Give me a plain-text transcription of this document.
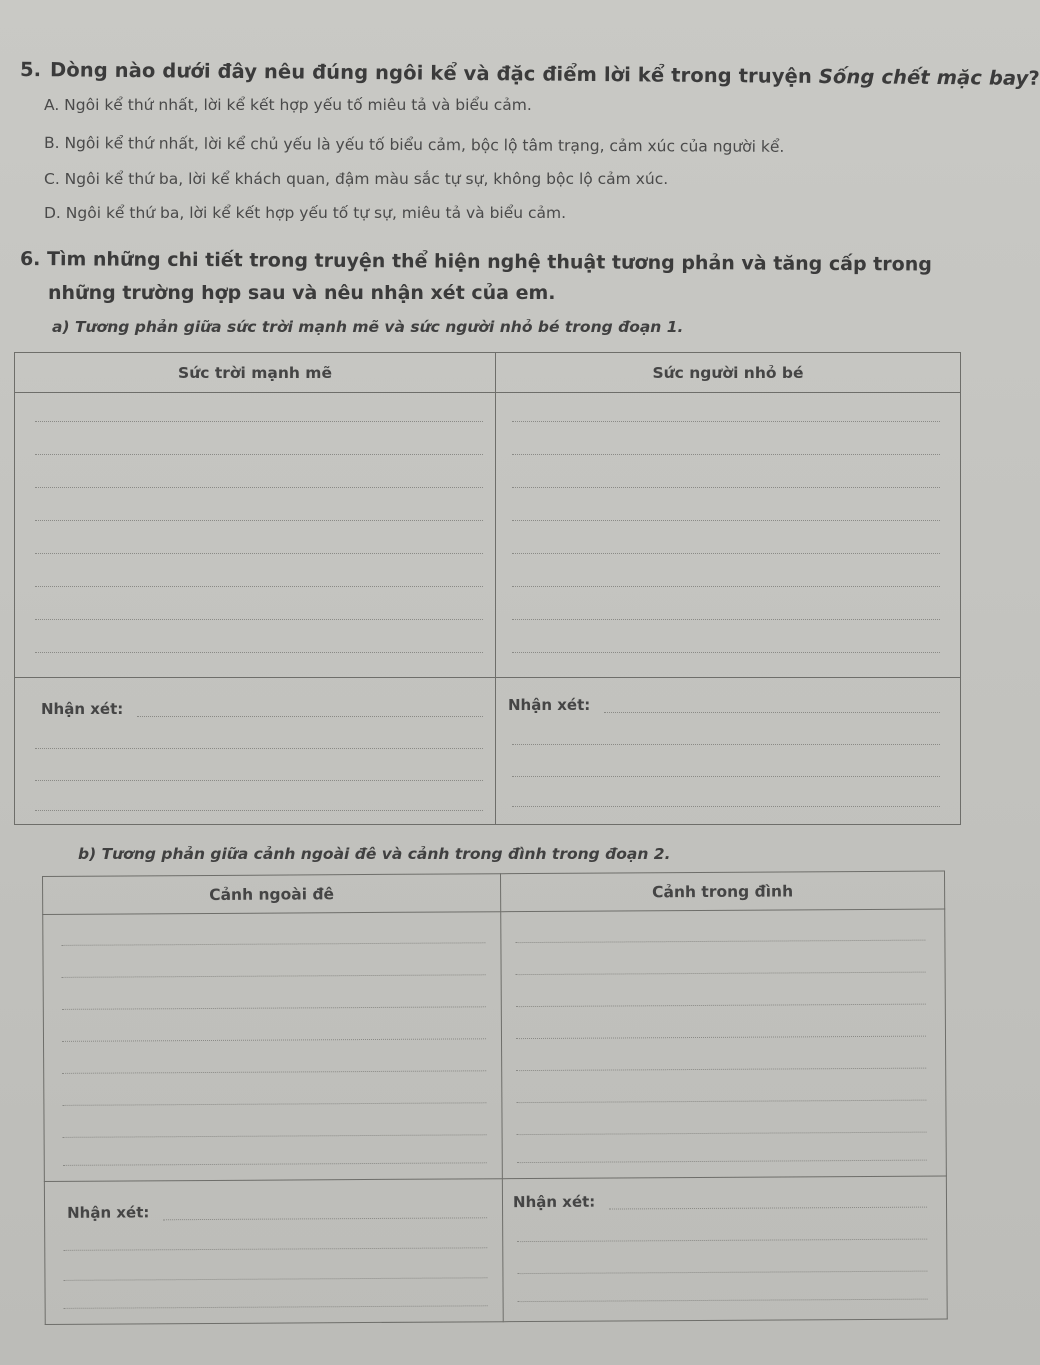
5. Dòng nào dưới đây nêu đúng ngôi kể và đặc điểm lời kể trong truyện Sống chết mặc bay?
A. Ngôi kể thứ nhất, lời kể kết hợp yếu tố miêu tả và biểu cảm.
B. Ngôi kể thứ nhất, lời kể chủ yếu là yếu tố biểu cảm, bộc lộ tâm trạng, cảm xúc của người kể.
C. Ngôi kể thứ ba, lời kể khách quan, đậm màu sắc tự sự, không bộc lộ cảm xúc.
D. Ngôi kể thứ ba, lời kể kết hợp yếu tố tự sự, miêu tả và biểu cảm.
6. Tìm những chi tiết trong truyện thể hiện nghệ thuật tương phản và tăng cấp trong
những trường hợp sau và nêu nhận xét của em.
a) Tương phản giữa sức trời mạnh mẽ và sức người nhỏ bé trong đoạn 1.
Sức trời mạnh mẽ	Sức người nhỏ bé

Nhận xét:	Nhận xét:
b) Tương phản giữa cảnh ngoài đê và cảnh trong đình trong đoạn 2.
Cảnh ngoài đê	Cảnh trong đình

Nhận xét:	Nhận xét:
